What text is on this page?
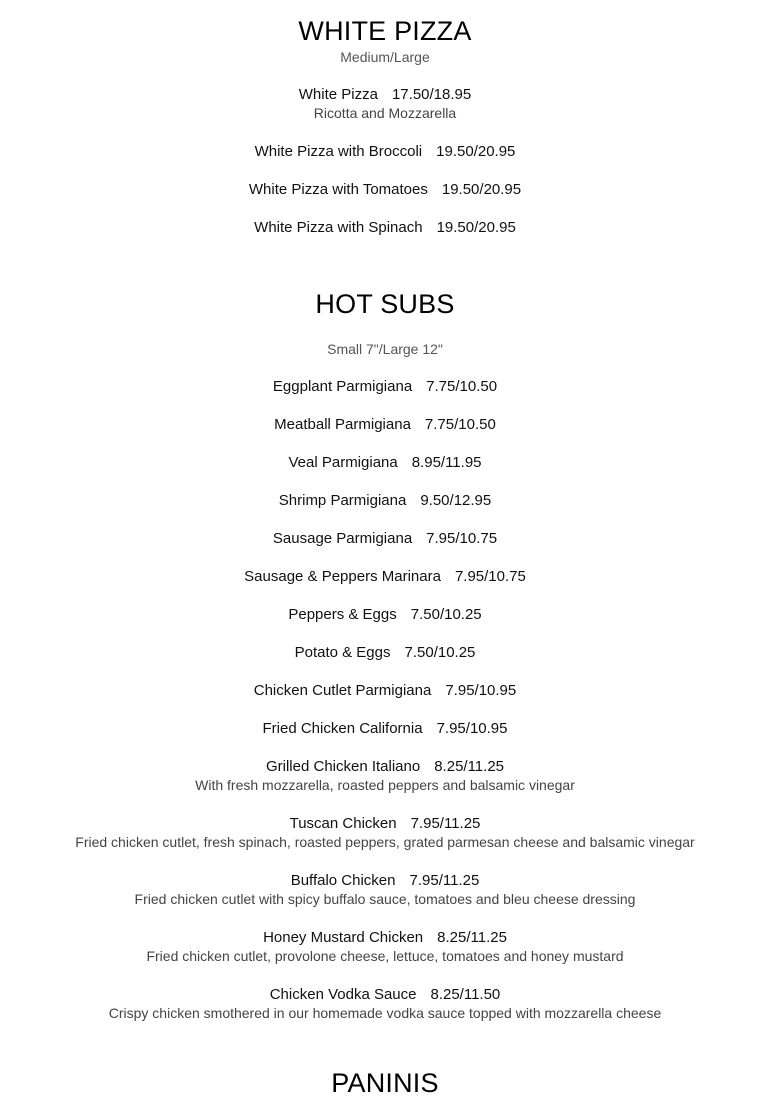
WHITE PIZZA
Medium/Large
White Pizza 17.50/18.95
Ricotta and Mozzarella
White Pizza with Broccoli 19.50/20.95
White Pizza with Tomatoes 19.50/20.95
White Pizza with Spinach 19.50/20.95
HOT SUBS
Small 7"/Large 12"
Eggplant Parmigiana 7.75/10.50
Meatball Parmigiana 7.75/10.50
Veal Parmigiana 8.95/11.95
Shrimp Parmigiana 9.50/12.95
Sausage Parmigiana 7.95/10.75
Sausage & Peppers Marinara 7.95/10.75
Peppers & Eggs 7.50/10.25
Potato & Eggs 7.50/10.25
Chicken Cutlet Parmigiana 7.95/10.95
Fried Chicken California 7.95/10.95
Grilled Chicken Italiano 8.25/11.25
With fresh mozzarella, roasted peppers and balsamic vinegar
Tuscan Chicken 7.95/11.25
Fried chicken cutlet, fresh spinach, roasted peppers, grated parmesan cheese and balsamic vinegar
Buffalo Chicken 7.95/11.25
Fried chicken cutlet with spicy buffalo sauce, tomatoes and bleu cheese dressing
Honey Mustard Chicken 8.25/11.25
Fried chicken cutlet, provolone cheese, lettuce, tomatoes and honey mustard
Chicken Vodka Sauce 8.25/11.50
Crispy chicken smothered in our homemade vodka sauce topped with mozzarella cheese
PANINIS
